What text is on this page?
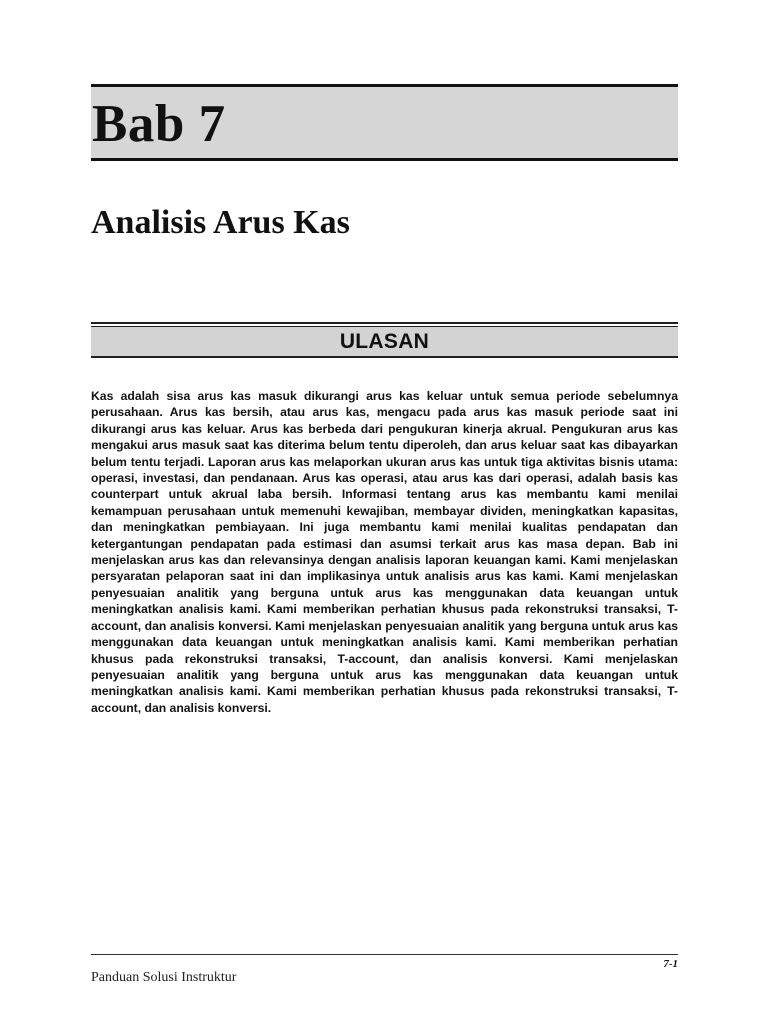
Bab 7
Analisis Arus Kas
ULASAN

Kas adalah sisa arus kas masuk dikurangi arus kas keluar untuk semua periode sebelumnya perusahaan. Arus kas bersih, atau arus kas, mengacu pada arus kas masuk periode saat ini dikurangi arus kas keluar. Arus kas berbeda dari pengukuran kinerja akrual. Pengukuran arus kas mengakui arus masuk saat kas diterima belum tentu diperoleh, dan arus keluar saat kas dibayarkan belum tentu terjadi. Laporan arus kas melaporkan ukuran arus kas untuk tiga aktivitas bisnis utama: operasi, investasi, dan pendanaan. Arus kas operasi, atau arus kas dari operasi, adalah basis kas counterpart untuk akrual laba bersih. Informasi tentang arus kas membantu kami menilai kemampuan perusahaan untuk memenuhi kewajiban, membayar dividen, meningkatkan kapasitas, dan meningkatkan pembiayaan. Ini juga membantu kami menilai kualitas pendapatan dan ketergantungan pendapatan pada estimasi dan asumsi terkait arus kas masa depan. Bab ini menjelaskan arus kas dan relevansinya dengan analisis laporan keuangan kami. Kami menjelaskan persyaratan pelaporan saat ini dan implikasinya untuk analisis arus kas kami. Kami menjelaskan penyesuaian analitik yang berguna untuk arus kas menggunakan data keuangan untuk meningkatkan analisis kami. Kami memberikan perhatian khusus pada rekonstruksi transaksi, T-account, dan analisis konversi. Kami menjelaskan penyesuaian analitik yang berguna untuk arus kas menggunakan data keuangan untuk meningkatkan analisis kami. Kami memberikan perhatian khusus pada rekonstruksi transaksi, T-account, dan analisis konversi. Kami menjelaskan penyesuaian analitik yang berguna untuk arus kas menggunakan data keuangan untuk meningkatkan analisis kami. Kami memberikan perhatian khusus pada rekonstruksi transaksi, T-account, dan analisis konversi.

7-1
Panduan Solusi Instruktur
